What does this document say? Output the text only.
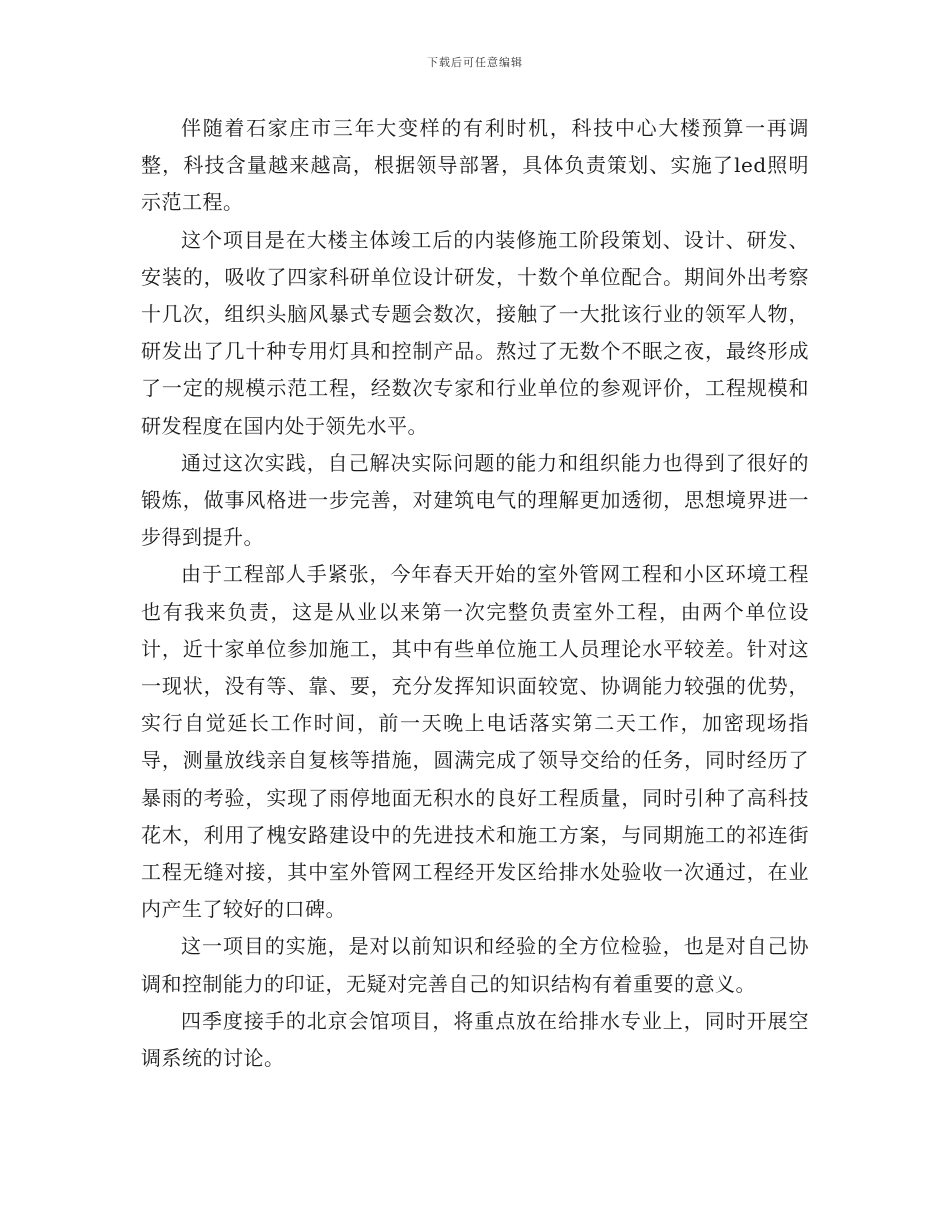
下载后可任意编辑

伴随着石家庄市三年大变样的有利时机，科技中心大楼预算一再调整，科技含量越来越高，根据领导部署，具体负责策划、实施了led照明示范工程。

这个项目是在大楼主体竣工后的内装修施工阶段策划、设计、研发、安装的，吸收了四家科研单位设计研发，十数个单位配合。期间外出考察十几次，组织头脑风暴式专题会数次，接触了一大批该行业的领军人物，研发出了几十种专用灯具和控制产品。熬过了无数个不眠之夜，最终形成了一定的规模示范工程，经数次专家和行业单位的参观评价，工程规模和研发程度在国内处于领先水平。

通过这次实践，自己解决实际问题的能力和组织能力也得到了很好的锻炼，做事风格进一步完善，对建筑电气的理解更加透彻，思想境界进一步得到提升。

由于工程部人手紧张，今年春天开始的室外管网工程和小区环境工程也有我来负责，这是从业以来第一次完整负责室外工程，由两个单位设计，近十家单位参加施工，其中有些单位施工人员理论水平较差。针对这一现状，没有等、靠、要，充分发挥知识面较宽、协调能力较强的优势，实行自觉延长工作时间，前一天晚上电话落实第二天工作，加密现场指导，测量放线亲自复核等措施，圆满完成了领导交给的任务，同时经历了暴雨的考验，实现了雨停地面无积水的良好工程质量，同时引种了高科技花木，利用了槐安路建设中的先进技术和施工方案，与同期施工的祁连街工程无缝对接，其中室外管网工程经开发区给排水处验收一次通过，在业内产生了较好的口碑。

这一项目的实施，是对以前知识和经验的全方位检验，也是对自己协调和控制能力的印证，无疑对完善自己的知识结构有着重要的意义。

四季度接手的北京会馆项目，将重点放在给排水专业上，同时开展空调系统的讨论。
